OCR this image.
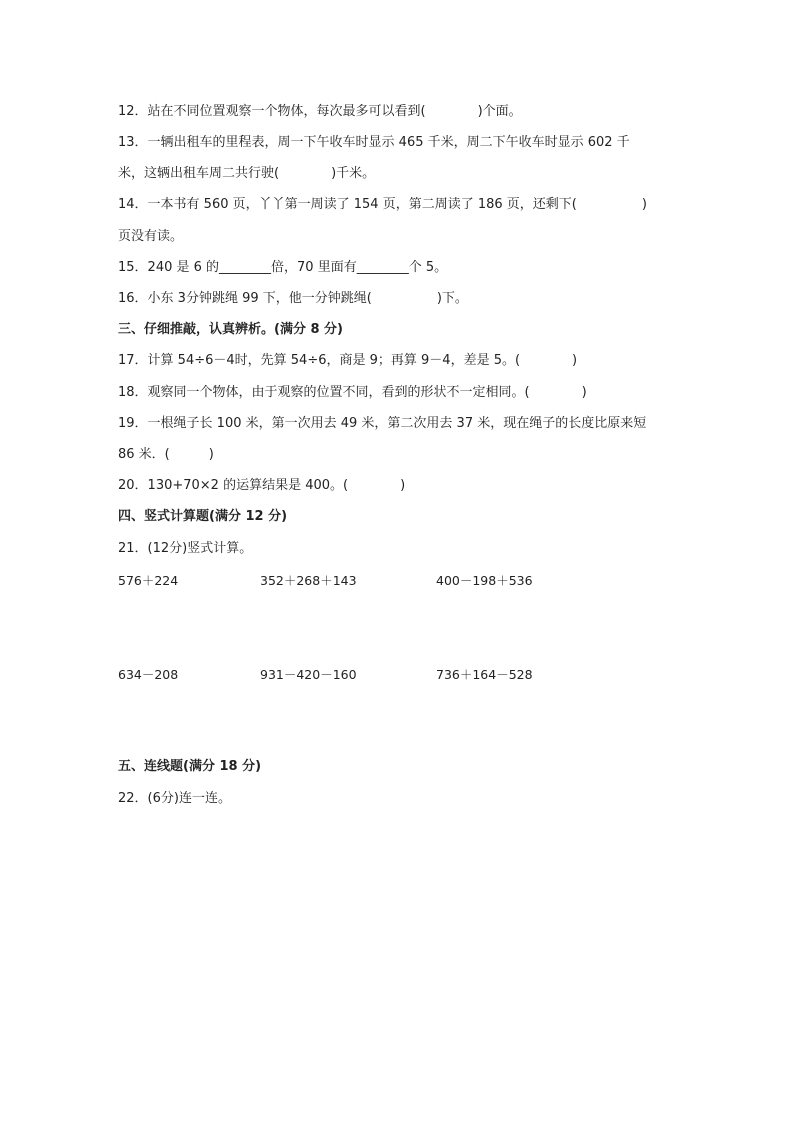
12．站在不同位置观察一个物体，每次最多可以看到(　　　　)个面。
13．一辆出租车的里程表，周一下午收车时显示 465 千米，周二下午收车时显示 602 千
米，这辆出租车周二共行驶(　　　　)千米。
14．一本书有 560 页，丫丫第一周读了 154 页，第二周读了 186 页，还剩下(　　　　　)
页没有读。
15．240 是 6 的________倍，70 里面有________个 5。
16．小东 3分钟跳绳 99 下，他一分钟跳绳(　　　　　)下。
三、仔细推敲，认真辨析。(满分 8 分)
17．计算 54÷6－4时，先算 54÷6，商是 9；再算 9－4，差是 5。(　　　　)
18．观察同一个物体，由于观察的位置不同，看到的形状不一定相同。(　　　　)
19．一根绳子长 100 米，第一次用去 49 米，第二次用去 37 米，现在绳子的长度比原来短
86 米．(　　　)
20．130+70×2 的运算结果是 400。(　　　　)
四、竖式计算题(满分 12 分)
21．(12分)竖式计算。
576＋224	352＋268＋143	400－198＋536
634－208	931－420－160	736＋164－528
五、连线题(满分 18 分)
22．(6分)连一连。
